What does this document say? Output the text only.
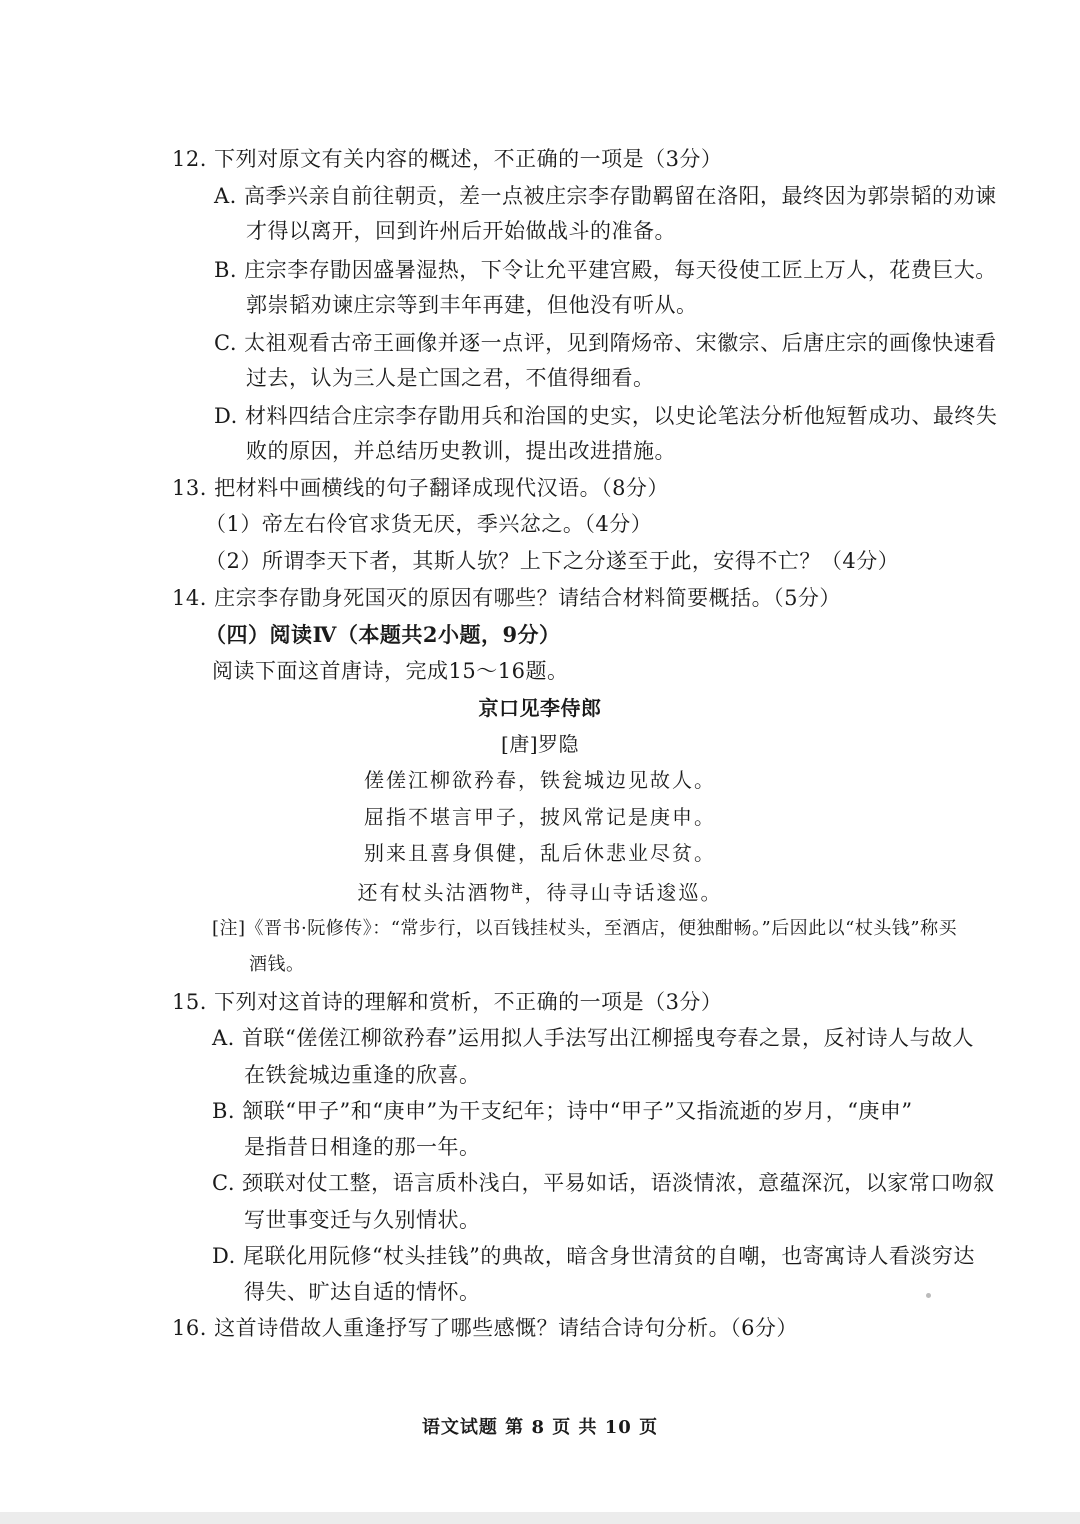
12. 下列对原文有关内容的概述，不正确的一项是（3分）
A. 高季兴亲自前往朝贡，差一点被庄宗李存勖羁留在洛阳，最终因为郭崇韬的劝谏
才得以离开，回到许州后开始做战斗的准备。
B. 庄宗李存勖因盛暑湿热，下令让允平建宫殿，每天役使工匠上万人，花费巨大。
郭崇韬劝谏庄宗等到丰年再建，但他没有听从。
C. 太祖观看古帝王画像并逐一点评，见到隋炀帝、宋徽宗、后唐庄宗的画像快速看
过去，认为三人是亡国之君，不值得细看。
D. 材料四结合庄宗李存勖用兵和治国的史实，以史论笔法分析他短暂成功、最终失
败的原因，并总结历史教训，提出改进措施。
13. 把材料中画横线的句子翻译成现代汉语。（8分）
（1）帝左右伶官求货无厌，季兴忿之。（4分）
（2）所谓李天下者，其斯人欤？上下之分遂至于此，安得不亡？（4分）
14. 庄宗李存勖身死国灭的原因有哪些？请结合材料简要概括。（5分）
（四）阅读Ⅳ（本题共2小题，9分）
阅读下面这首唐诗，完成15～16题。
京口见李侍郎
[唐]罗隐
傞傞江柳欲矜春，铁瓮城边见故人。
屈指不堪言甲子，披风常记是庚申。
别来且喜身俱健，乱后休悲业尽贫。
还有杖头沽酒物$^注$，待寻山寺话逡巡。
[注]《晋书·阮修传》：“常步行，以百钱挂杖头，至酒店，便独酣畅。”后因此以“杖头钱”称买
酒钱。
15. 下列对这首诗的理解和赏析，不正确的一项是（3分）
A. 首联“傞傞江柳欲矜春”运用拟人手法写出江柳摇曳夸春之景，反衬诗人与故人
在铁瓮城边重逢的欣喜。
B. 颔联“甲子”和“庚申”为干支纪年；诗中“甲子”又指流逝的岁月，“庚申”
是指昔日相逢的那一年。
C. 颈联对仗工整，语言质朴浅白，平易如话，语淡情浓，意蕴深沉，以家常口吻叙
写世事变迁与久别情状。
D. 尾联化用阮修“杖头挂钱”的典故，暗含身世清贫的自嘲，也寄寓诗人看淡穷达
得失、旷达自适的情怀。
16. 这首诗借故人重逢抒写了哪些感慨？请结合诗句分析。（6分）
语文试题 第 8 页 共 10 页
